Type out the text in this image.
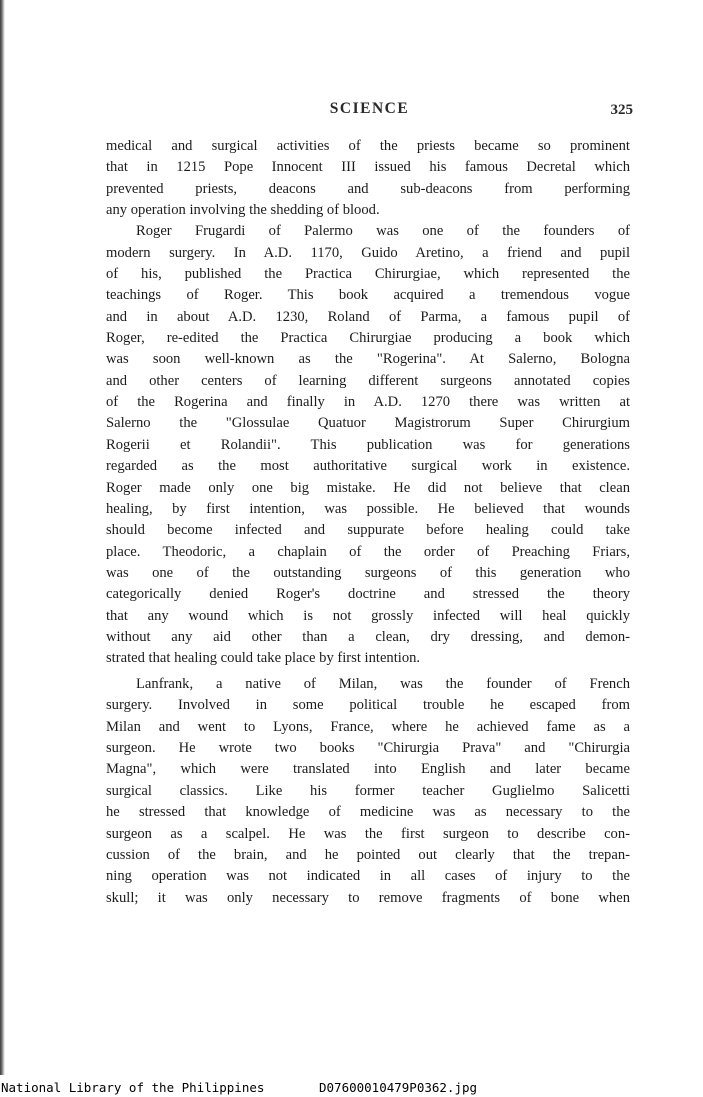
SCIENCE	325

medical and surgical activities of the priests became so prominent
that in 1215 Pope Innocent III issued his famous Decretal which
prevented priests, deacons and sub-deacons from performing
any operation involving the shedding of blood.

Roger Frugardi of Palermo was one of the founders of
modern surgery. In A.D. 1170, Guido Aretino, a friend and pupil
of his, published the Practica Chirurgiae, which represented the
teachings of Roger. This book acquired a tremendous vogue
and in about A.D. 1230, Roland of Parma, a famous pupil of
Roger, re-edited the Practica Chirurgiae producing a book which
was soon well-known as the "Rogerina". At Salerno, Bologna
and other centers of learning different surgeons annotated copies
of the Rogerina and finally in A.D. 1270 there was written at
Salerno the "Glossulae Quatuor Magistrorum Super Chirurgium
Rogerii et Rolandii". This publication was for generations
regarded as the most authoritative surgical work in existence.
Roger made only one big mistake. He did not believe that clean
healing, by first intention, was possible. He believed that wounds
should become infected and suppurate before healing could take
place. Theodoric, a chaplain of the order of Preaching Friars,
was one of the outstanding surgeons of this generation who
categorically denied Roger's doctrine and stressed the theory
that any wound which is not grossly infected will heal quickly
without any aid other than a clean, dry dressing, and demon-
strated that healing could take place by first intention.

Lanfrank, a native of Milan, was the founder of French
surgery. Involved in some political trouble he escaped from
Milan and went to Lyons, France, where he achieved fame as a
surgeon. He wrote two books "Chirurgia Prava" and "Chirurgia
Magna", which were translated into English and later became
surgical classics. Like his former teacher Guglielmo Salicetti
he stressed that knowledge of medicine was as necessary to the
surgeon as a scalpel. He was the first surgeon to describe con-
cussion of the brain, and he pointed out clearly that the trepan-
ning operation was not indicated in all cases of injury to the
skull; it was only necessary to remove fragments of bone when

National Library of the Philippines	D07600010479P0362.jpg
